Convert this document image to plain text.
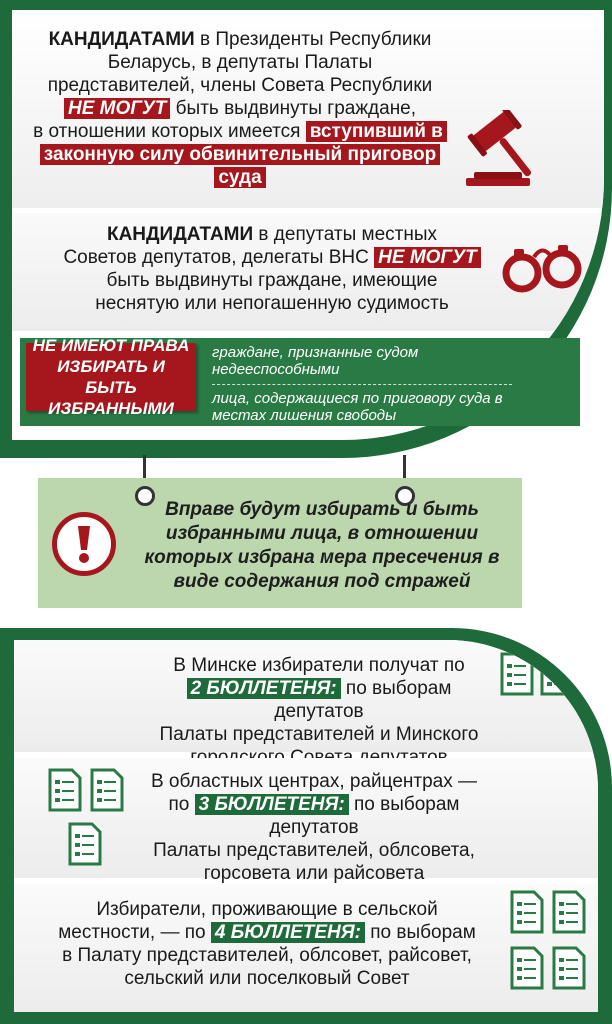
КАНДИДАТАМИ в Президенты Республики
Беларусь, в депутаты Палаты
представителей, члены Совета Республики
НЕ МОГУТ быть выдвинуты граждане,
в отношении которых имеется вступивший в законную силу обвинительный приговор суда
КАНДИДАТАМИ в депутаты местных
Советов депутатов, делегаты ВНС НЕ МОГУТ
быть выдвинуты граждане, имеющие
неснятую или непогашенную судимость
НЕ ИМЕЮТ ПРАВА ИЗБИРАТЬ И БЫТЬ ИЗБРАННЫМИ
граждане, признанные судом недееспособными
лица, содержащиеся по приговору суда в местах лишения свободы
Вправе будут избирать и быть избранными лица, в отношении которых избрана мера пресечения в виде содержания под стражей
В Минске избиратели получат по
2 БЮЛЛЕТЕНЯ: по выборам депутатов
Палаты представителей и Минского
В областных центрах, райцентрах —
по 3 БЮЛЛЕТЕНЯ: по выборам депутатов
Палаты представителей, облсовета,
горсовета или райсовета
Избиратели, проживающие в сельской
местности, — по 4 БЮЛЛЕТЕНЯ: по выборам
в Палату представителей, облсовет, райсовет,
сельский или поселковый Совет
